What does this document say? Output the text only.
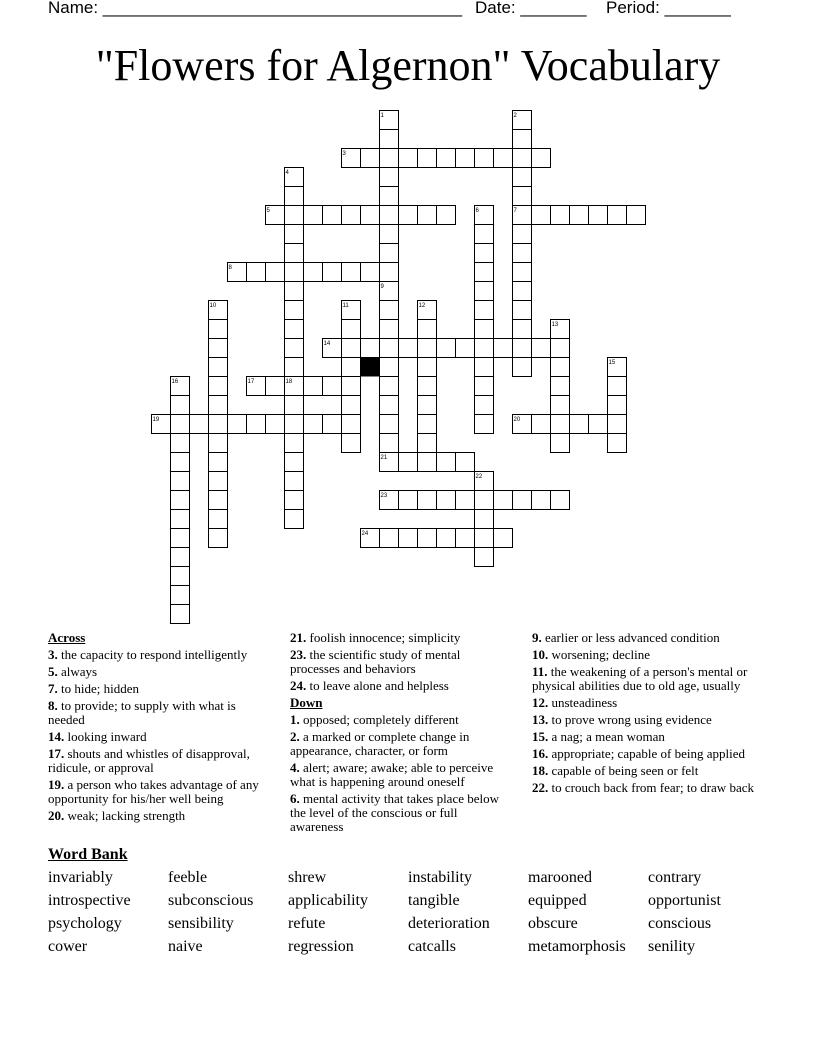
Name: ______________________________________ Date: _______ Period: _______
"Flowers for Algernon" Vocabulary
1	2
3
4
5	6	7
8
9
10	11	12
13
14
15
16	17	18
19	20
21
22
23
24
Across
3. the capacity to respond intelligently
5. always
7. to hide; hidden
8. to provide; to supply with what is needed
14. looking inward
17. shouts and whistles of disapproval, ridicule, or approval
19. a person who takes advantage of any opportunity for his/her well being
20. weak; lacking strength
21. foolish innocence; simplicity
23. the scientific study of mental processes and behaviors
24. to leave alone and helpless
Down
1. opposed; completely different
2. a marked or complete change in appearance, character, or form
4. alert; aware; awake; able to perceive what is happening around oneself
6. mental activity that takes place below the level of the conscious or full awareness
9. earlier or less advanced condition
10. worsening; decline
11. the weakening of a person's mental or physical abilities due to old age, usually
12. unsteadiness
13. to prove wrong using evidence
15. a nag; a mean woman
16. appropriate; capable of being applied
18. capable of being seen or felt
22. to crouch back from fear; to draw back
Word Bank
invariably	feeble	shrew	instability	marooned	contrary
introspective	subconscious	applicability	tangible	equipped	opportunist
psychology	sensibility	refute	deterioration	obscure	conscious
cower	naive	regression	catcalls	metamorphosis	senility
